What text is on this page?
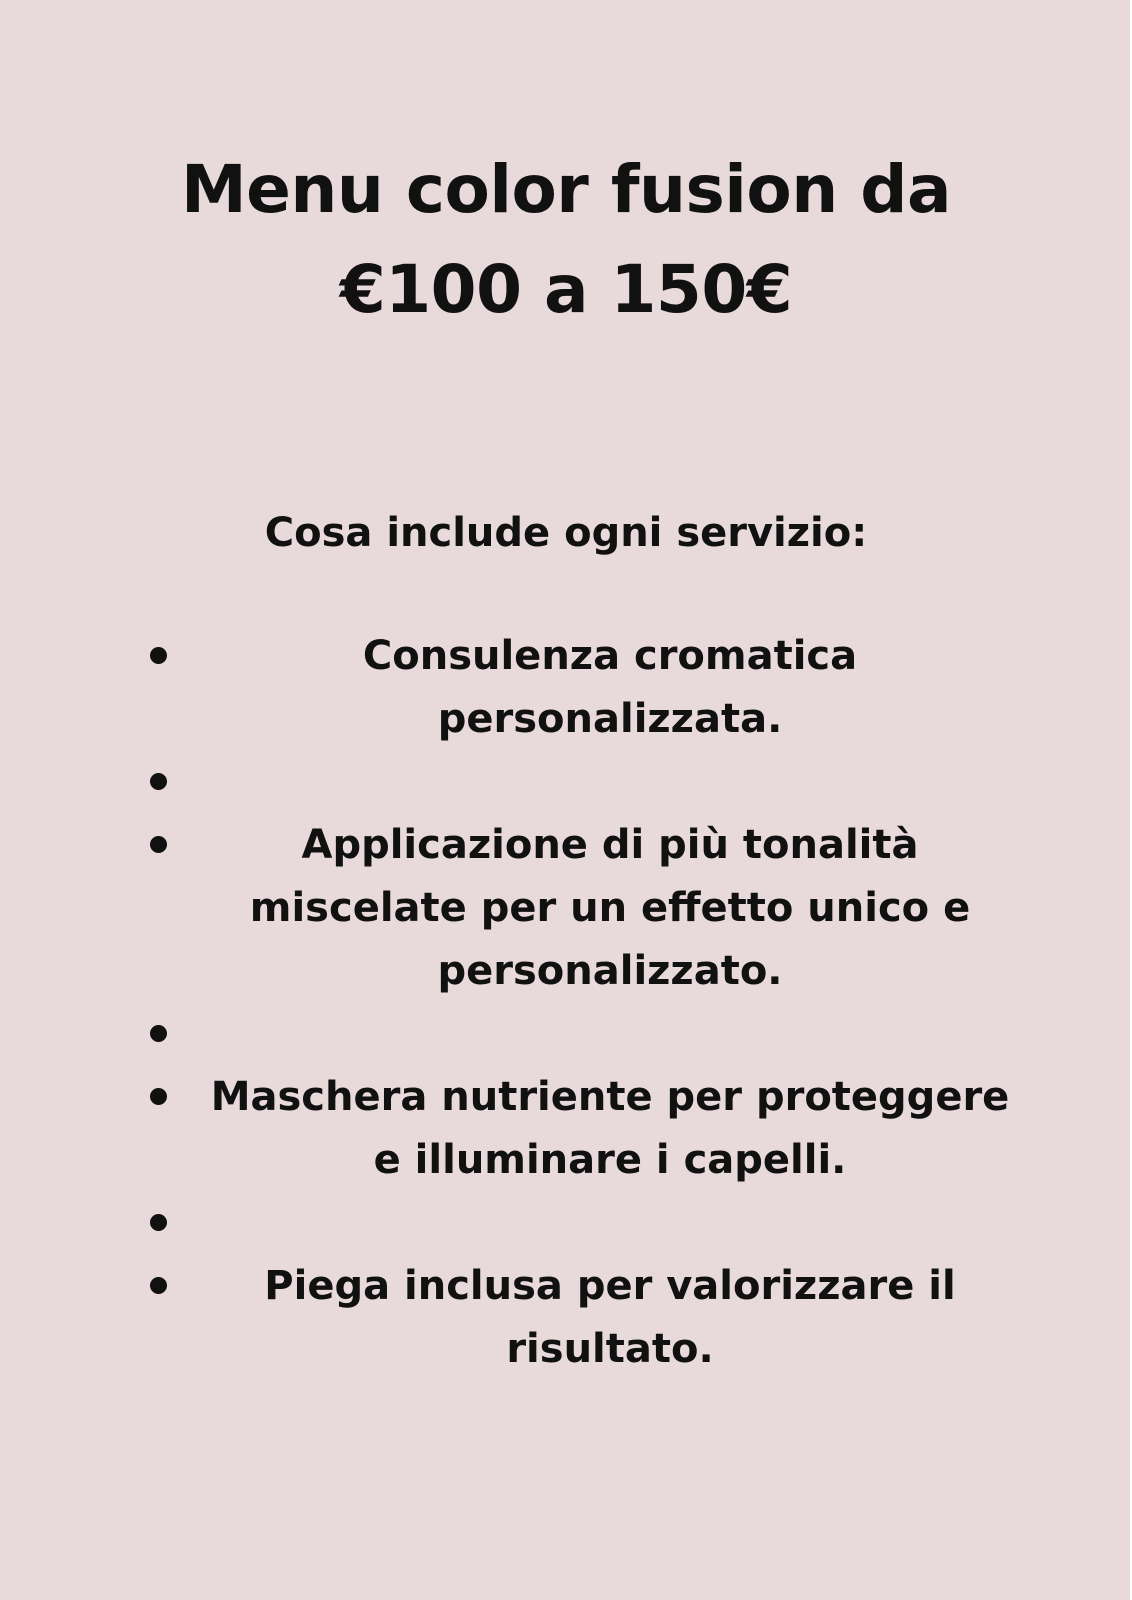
Menu color fusion da €100 a 150€
Cosa include ogni servizio:
Consulenza cromatica personalizzata.
Applicazione di più tonalità miscelate per un effetto unico e personalizzato.
Maschera nutriente per proteggere e illuminare i capelli.
Piega inclusa per valorizzare il risultato.
